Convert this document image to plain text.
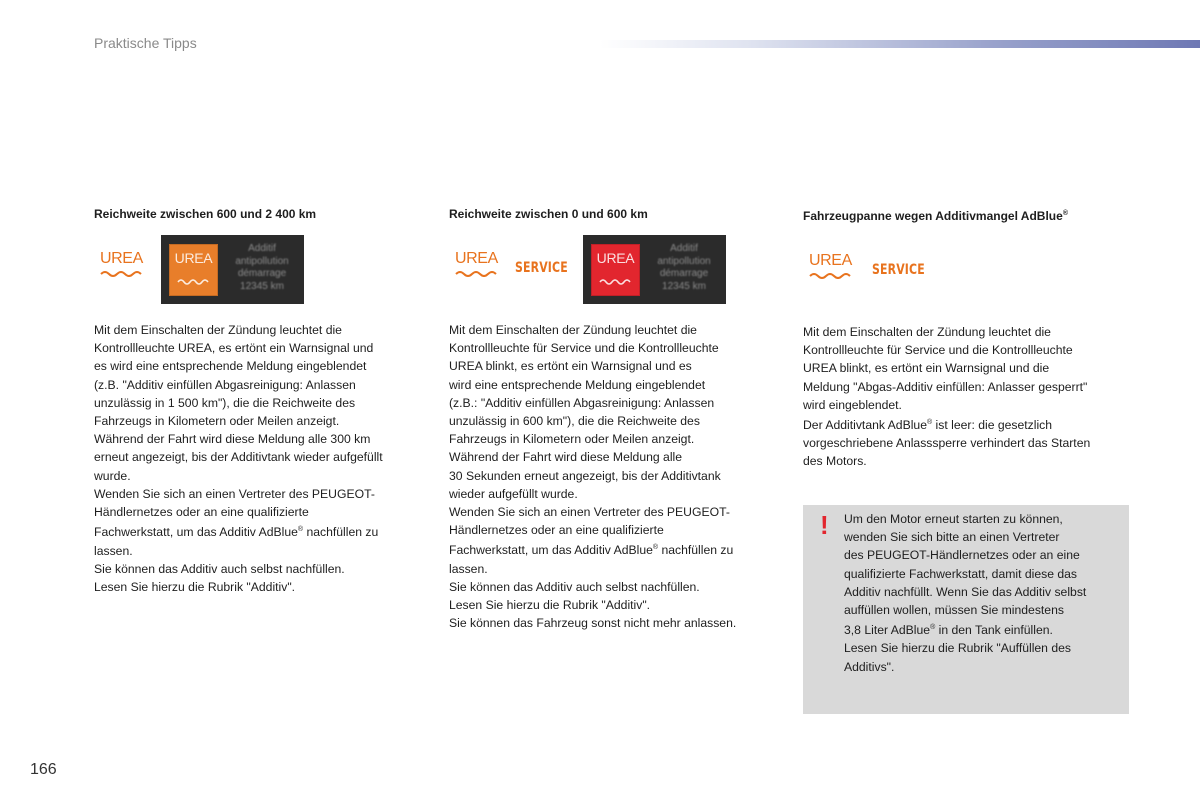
Praktische Tipps
Reichweite zwischen 600 und 2 400 km
UREA	UREA
Additif
antipollution
démarrage
12345 km

Mit dem Einschalten der Zündung leuchtet die

Kontrollleuchte UREA, es ertönt ein Warnsignal und

es wird eine entsprechende Meldung eingeblendet

(z.B. "Additiv einfüllen Abgasreinigung: Anlassen

unzulässig in 1 500 km"), die die Reichweite des

Fahrzeugs in Kilometern oder Meilen anzeigt.

Während der Fahrt wird diese Meldung alle 300 km

erneut angezeigt, bis der Additivtank wieder aufgefüllt

wurde.

Wenden Sie sich an einen Vertreter des PEUGEOT-

Händlernetzes oder an eine qualifizierte

Fachwerkstatt, um das Additiv AdBlue® nachfüllen zu

lassen.

Sie können das Additiv auch selbst nachfüllen.

Lesen Sie hierzu die Rubrik "Additiv".

Reichweite zwischen 0 und 600 km
UREA
SERVICE
UREA
Additif
antipollution
démarrage
12345 km

Mit dem Einschalten der Zündung leuchtet die

Kontrollleuchte für Service und die Kontrollleuchte

UREA blinkt, es ertönt ein Warnsignal und es

wird eine entsprechende Meldung eingeblendet

(z.B.: "Additiv einfüllen Abgasreinigung: Anlassen

unzulässig in 600 km"), die die Reichweite des

Fahrzeugs in Kilometern oder Meilen anzeigt.

Während der Fahrt wird diese Meldung alle

30 Sekunden erneut angezeigt, bis der Additivtank

wieder aufgefüllt wurde.

Wenden Sie sich an einen Vertreter des PEUGEOT-

Händlernetzes oder an eine qualifizierte

Fachwerkstatt, um das Additiv AdBlue® nachfüllen zu

lassen.

Sie können das Additiv auch selbst nachfüllen.

Lesen Sie hierzu die Rubrik "Additiv".

Sie können das Fahrzeug sonst nicht mehr anlassen.

Fahrzeugpanne wegen Additivmangel AdBlue®
UREA
SERVICE

Mit dem Einschalten der Zündung leuchtet die

Kontrollleuchte für Service und die Kontrollleuchte

UREA blinkt, es ertönt ein Warnsignal und die

Meldung "Abgas-Additiv einfüllen: Anlasser gesperrt"

wird eingeblendet.

Der Additivtank AdBlue® ist leer: die gesetzlich

vorgeschriebene Anlasssperre verhindert das Starten

des Motors.

! Um den Motor erneut starten zu können,

wenden Sie sich bitte an einen Vertreter

des PEUGEOT-Händlernetzes oder an eine

qualifizierte Fachwerkstatt, damit diese das

Additiv nachfüllt. Wenn Sie das Additiv selbst

auffüllen wollen, müssen Sie mindestens

3,8 Liter AdBlue® in den Tank einfüllen.

Lesen Sie hierzu die Rubrik "Auffüllen des

Additivs".

166
